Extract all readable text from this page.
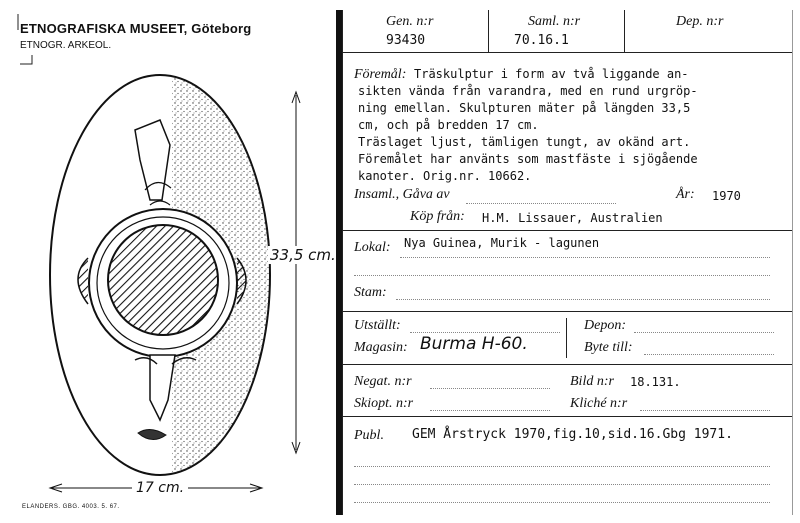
ETNOGRAFISKA MUSEET, Göteborg
ETNOGR. ARKEOL.
33,5 cm.
17 cm.
ELANDERS. GBG. 4003. 5. 67.
Gen. n:r
93430
Saml. n:r
70.16.1
Dep. n:r
Föremål: Träskulptur i form av två liggande an-
sikten vända från varandra, med en rund urgröp-
ning emellan. Skulpturen mäter på längden 33,5
cm, och på bredden 17 cm.
Träslaget ljust, tämligen tungt, av okänd art.
Föremålet har använts som mastfäste i sjögående
kanoter. Orig.nr. 10662.
Insaml., Gåva av	År: 1970
Köp från: H.M. Lissauer, Australien
Lokal: Nya Guinea, Murik - lagunen
Stam:
Utställt:
Magasin: Burma H-60.
Depon:
Byte till:
Negat. n:r	Bild n:r 18.131.
Skiopt. n:r	Kliché n:r
Publ. GEM Årstryck 1970,fig.10,sid.16.Gbg 1971.
